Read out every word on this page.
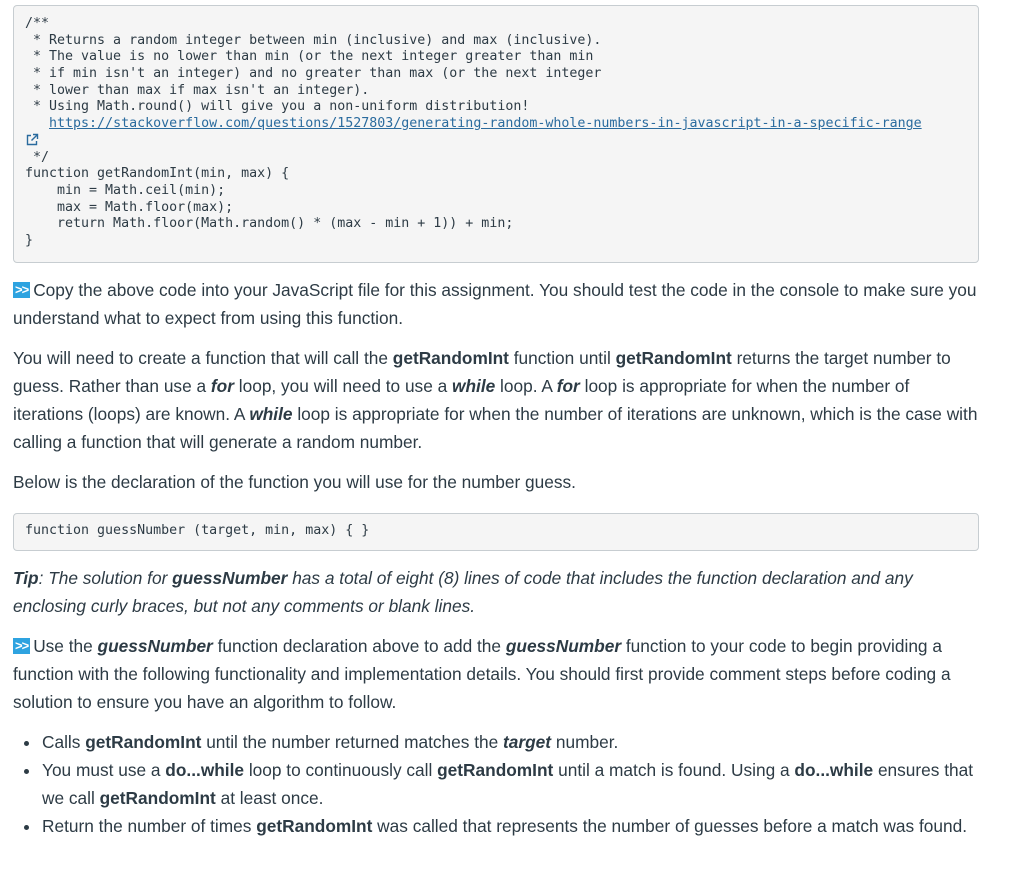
/**
* Returns a random integer between min (inclusive) and max (inclusive).
* The value is no lower than min (or the next integer greater than min
* if min isn't an integer) and no greater than max (or the next integer
* lower than max if max isn't an integer).
* Using Math.round() will give you a non-uniform distribution!
https://stackoverflow.com/questions/1527803/generating-random-whole-numbers-in-javascript-in-a-specific-range
*/
function getRandomInt(min, max) {
min = Math.ceil(min);
max = Math.floor(max);
return Math.floor(Math.random() * (max - min + 1)) + min;
}

>> Copy the above code into your JavaScript file for this assignment. You should test the code in the console to make sure you understand what to expect from using this function.

You will need to create a function that will call the getRandomInt function until getRandomInt returns the target number to guess. Rather than use a for loop, you will need to use a while loop. A for loop is appropriate for when the number of iterations (loops) are known. A while loop is appropriate for when the number of iterations are unknown, which is the case with calling a function that will generate a random number.

Below is the declaration of the function you will use for the number guess.

function guessNumber (target, min, max) { }

Tip: The solution for guessNumber has a total of eight (8) lines of code that includes the function declaration and any enclosing curly braces, but not any comments or blank lines.

>> Use the guessNumber function declaration above to add the guessNumber function to your code to begin providing a function with the following functionality and implementation details. You should first provide comment steps before coding a solution to ensure you have an algorithm to follow.

• Calls getRandomInt until the number returned matches the target number.
• You must use a do...while loop to continuously call getRandomInt until a match is found. Using a do...while ensures that we call getRandomInt at least once.
• Return the number of times getRandomInt was called that represents the number of guesses before a match was found.
